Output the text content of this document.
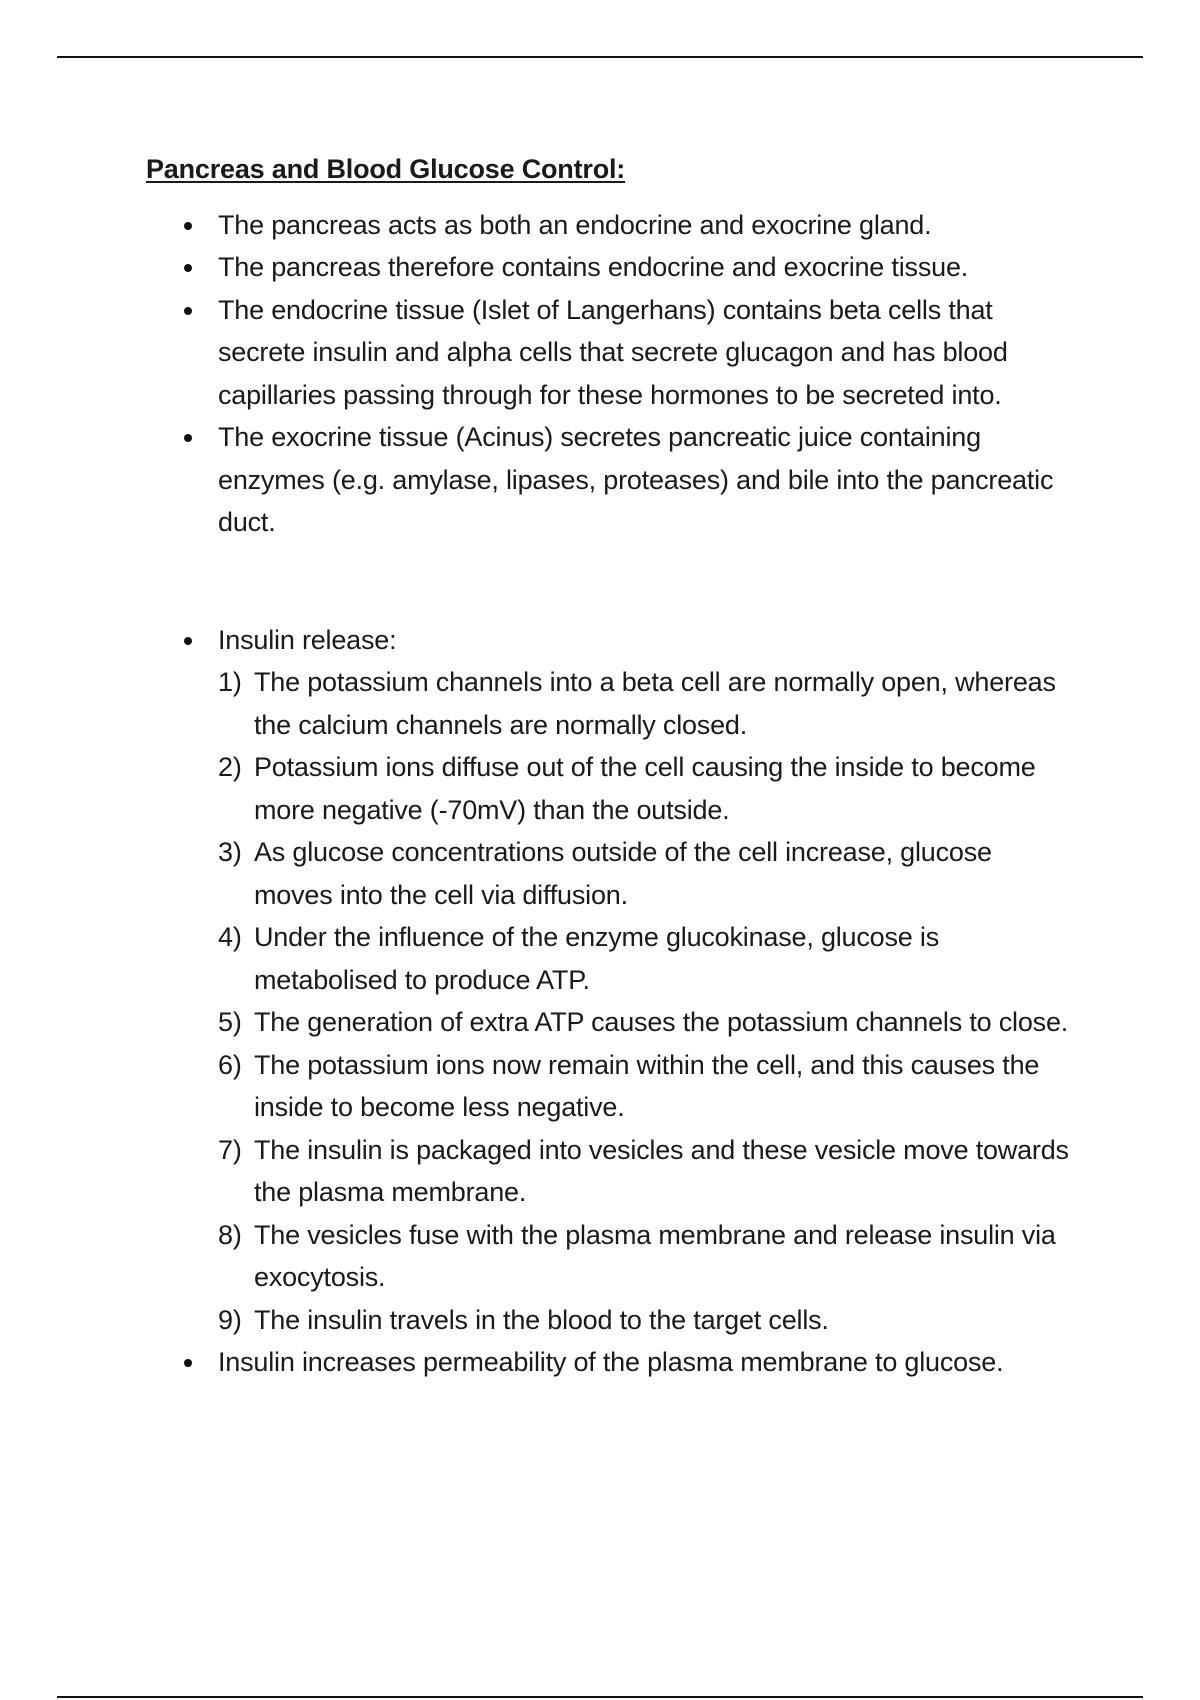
Pancreas and Blood Glucose Control:
The pancreas acts as both an endocrine and exocrine gland.
The pancreas therefore contains endocrine and exocrine tissue.
The endocrine tissue (Islet of Langerhans) contains beta cells that secrete insulin and alpha cells that secrete glucagon and has blood capillaries passing through for these hormones to be secreted into.
The exocrine tissue (Acinus) secretes pancreatic juice containing enzymes (e.g. amylase, lipases, proteases) and bile into the pancreatic duct.
Insulin release:
1) The potassium channels into a beta cell are normally open, whereas the calcium channels are normally closed.
2) Potassium ions diffuse out of the cell causing the inside to become more negative (-70mV) than the outside.
3) As glucose concentrations outside of the cell increase, glucose moves into the cell via diffusion.
4) Under the influence of the enzyme glucokinase, glucose is metabolised to produce ATP.
5) The generation of extra ATP causes the potassium channels to close.
6) The potassium ions now remain within the cell, and this causes the inside to become less negative.
7) The insulin is packaged into vesicles and these vesicle move towards the plasma membrane.
8) The vesicles fuse with the plasma membrane and release insulin via exocytosis.
9) The insulin travels in the blood to the target cells.
Insulin increases permeability of the plasma membrane to glucose.
